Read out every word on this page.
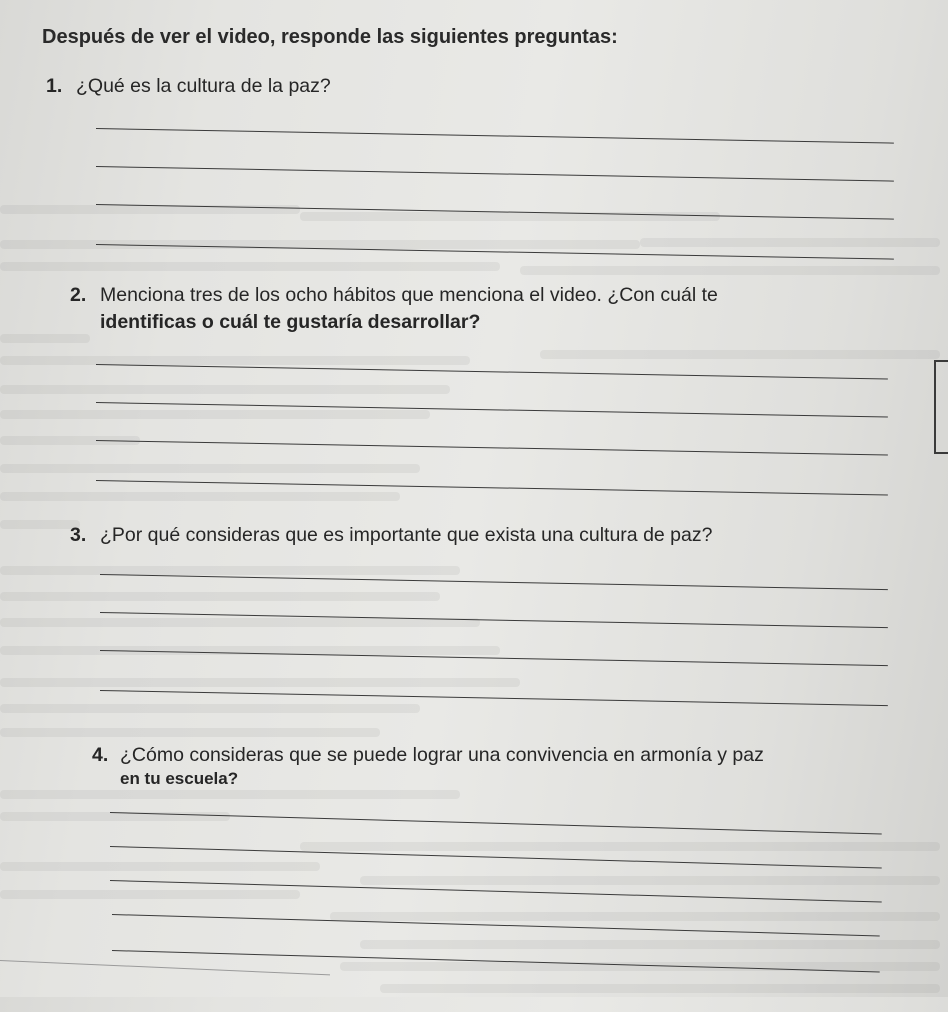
Después de ver el video, responde las siguientes preguntas:
1. ¿Qué es la cultura de la paz?
2. Menciona tres de los ocho hábitos que menciona el video. ¿Con cuál te
identificas o cuál te gustaría desarrollar?
3. ¿Por qué consideras que es importante que exista una cultura de paz?
4. ¿Cómo consideras que se puede lograr una convivencia en armonía y paz
en tu escuela?
